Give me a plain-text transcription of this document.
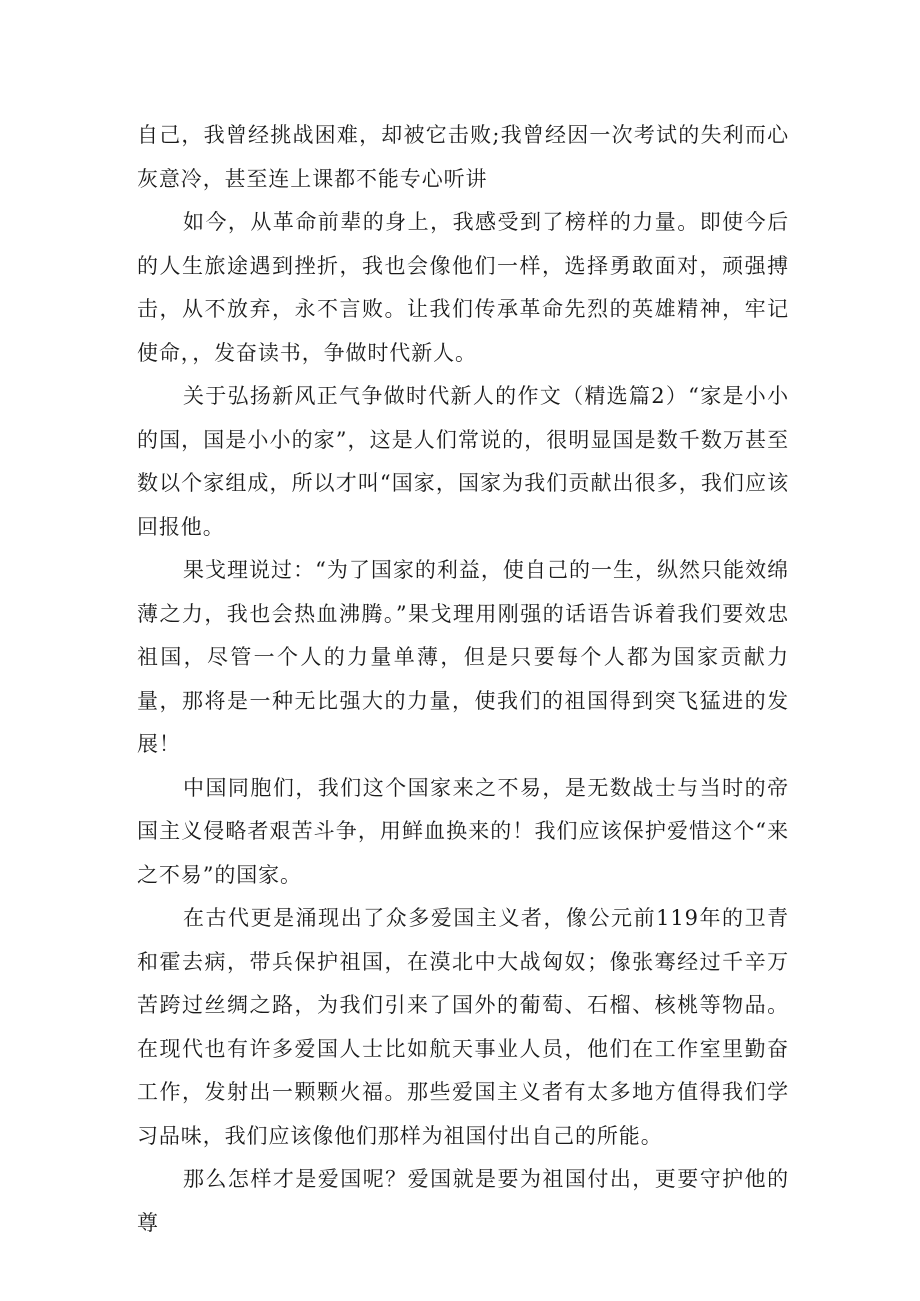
自己，我曾经挑战困难，却被它击败;我曾经因一次考试的失利而心灰意冷，甚至连上课都不能专心听讲

如今，从革命前辈的身上，我感受到了榜样的力量。即使今后的人生旅途遇到挫折，我也会像他们一样，选择勇敢面对，顽强搏击，从不放弃，永不言败。让我们传承革命先烈的英雄精神，牢记使命，，发奋读书，争做时代新人。

关于弘扬新风正气争做时代新人的作文（精选篇2）“家是小小的国，国是小小的家”，这是人们常说的，很明显国是数千数万甚至数以个家组成，所以才叫“国家，国家为我们贡献出很多，我们应该回报他。

果戈理说过：“为了国家的利益，使自己的一生，纵然只能效绵薄之力，我也会热血沸腾。”果戈理用刚强的话语告诉着我们要效忠祖国，尽管一个人的力量单薄，但是只要每个人都为国家贡献力量，那将是一种无比强大的力量，使我们的祖国得到突飞猛进的发展！

中国同胞们，我们这个国家来之不易，是无数战士与当时的帝国主义侵略者艰苦斗争，用鲜血换来的！我们应该保护爱惜这个“来之不易”的国家。

在古代更是涌现出了众多爱国主义者，像公元前119年的卫青和霍去病，带兵保护祖国，在漠北中大战匈奴；像张骞经过千辛万苦跨过丝绸之路，为我们引来了国外的葡萄、石榴、核桃等物品。在现代也有许多爱国人士比如航天事业人员，他们在工作室里勤奋工作，发射出一颗颗火福。那些爱国主义者有太多地方值得我们学习品味，我们应该像他们那样为祖国付出自己的所能。

那么怎样才是爱国呢？爱国就是要为祖国付出，更要守护他的尊
